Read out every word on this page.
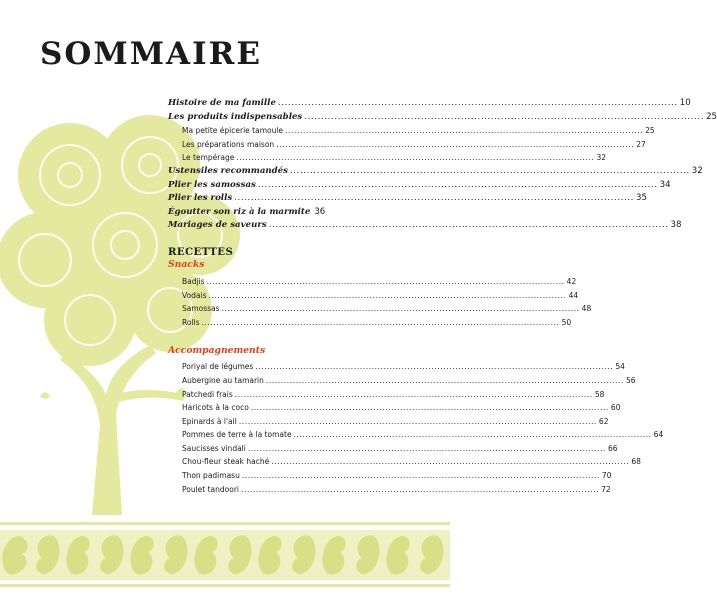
SOMMAIRE
Histoire de ma famille ........................................................................................................................ 10
Les produits indispensables ........................................................................................................................ 25
Ma petite épicerie tamoule ........................................................................................................................ 25
Les préparations maison ........................................................................................................................ 27
Le tempérage ........................................................................................................................ 32
Ustensiles recommandés ........................................................................................................................ 32
Plier les samossas ........................................................................................................................ 34
Plier les rolls ........................................................................................................................ 35
Égoutter son riz à la marmite 36
Mariages de saveurs ........................................................................................................................ 38
RECETTES
Snacks
Badjis ........................................................................................................................ 42
Vodais ........................................................................................................................ 44
Samossas ........................................................................................................................ 48
Rolls ........................................................................................................................ 50
Accompagnements
Poriyal de légumes ........................................................................................................................ 54
Aubergine au tamarin ........................................................................................................................ 56
Patchedi frais ........................................................................................................................ 58
Haricots à la coco ........................................................................................................................ 60
Epinards à l'ail ........................................................................................................................ 62
Pommes de terre à la tomate ........................................................................................................................ 64
Saucisses vindali ........................................................................................................................ 66
Chou-fleur steak haché ........................................................................................................................ 68
Thon padimasu ........................................................................................................................ 70
Poulet tandoori ........................................................................................................................ 72
